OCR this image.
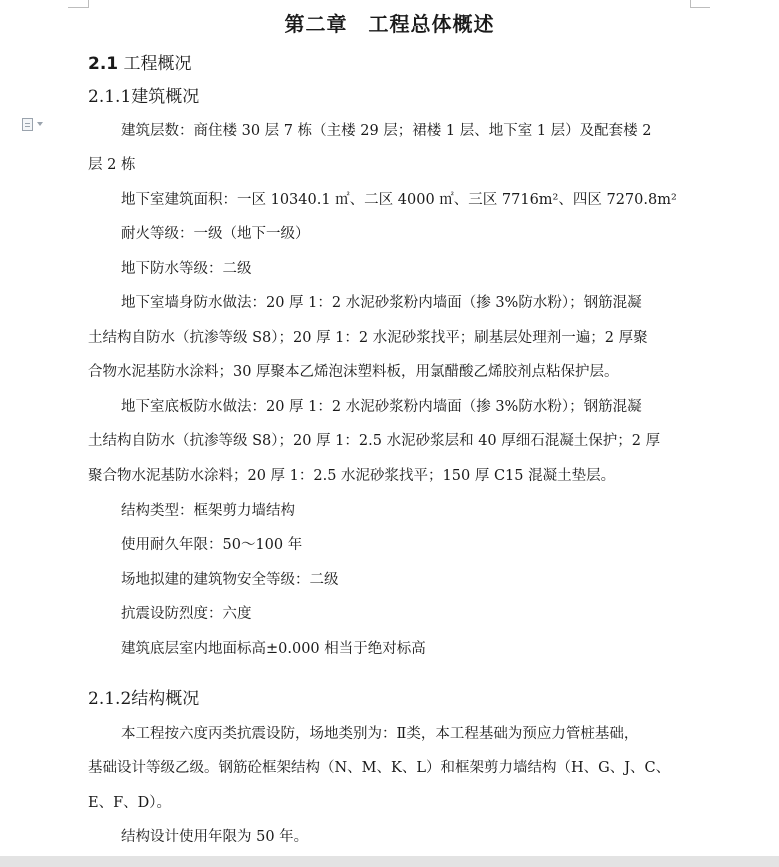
第二章　工程总体概述
2.1 工程概况
2.1.1建筑概况
建筑层数：商住楼 30 层 7 栋（主楼 29 层；裙楼 1 层、地下室 1 层）及配套楼 2
层 2 栋
地下室建筑面积：一区 10340.1 ㎡、二区 4000 ㎡、三区 7716m²、四区 7270.8m²
耐火等级：一级（地下一级）
地下防水等级：二级
地下室墙身防水做法：20 厚 1：2 水泥砂浆粉内墙面（掺 3%防水粉）；钢筋混凝
土结构自防水（抗渗等级 S8）；20 厚 1：2 水泥砂浆找平；刷基层处理剂一遍；2 厚聚
合物水泥基防水涂料；30 厚聚本乙烯泡沫塑料板，用氯醋酸乙烯胶剂点粘保护层。
地下室底板防水做法：20 厚 1：2 水泥砂浆粉内墙面（掺 3%防水粉）；钢筋混凝
土结构自防水（抗渗等级 S8）；20 厚 1：2.5 水泥砂浆层和 40 厚细石混凝土保护；2 厚
聚合物水泥基防水涂料；20 厚 1：2.5 水泥砂浆找平；150 厚 C15 混凝土垫层。
结构类型：框架剪力墙结构
使用耐久年限：50～100 年
场地拟建的建筑物安全等级：二级
抗震设防烈度：六度
建筑底层室内地面标高±0.000 相当于绝对标高
2.1.2结构概况
本工程按六度丙类抗震设防，场地类别为：Ⅱ类，本工程基础为预应力管桩基础，
基础设计等级乙级。钢筋砼框架结构（N、M、K、L）和框架剪力墙结构（H、G、J、C、
E、F、D）。
结构设计使用年限为 50 年。
